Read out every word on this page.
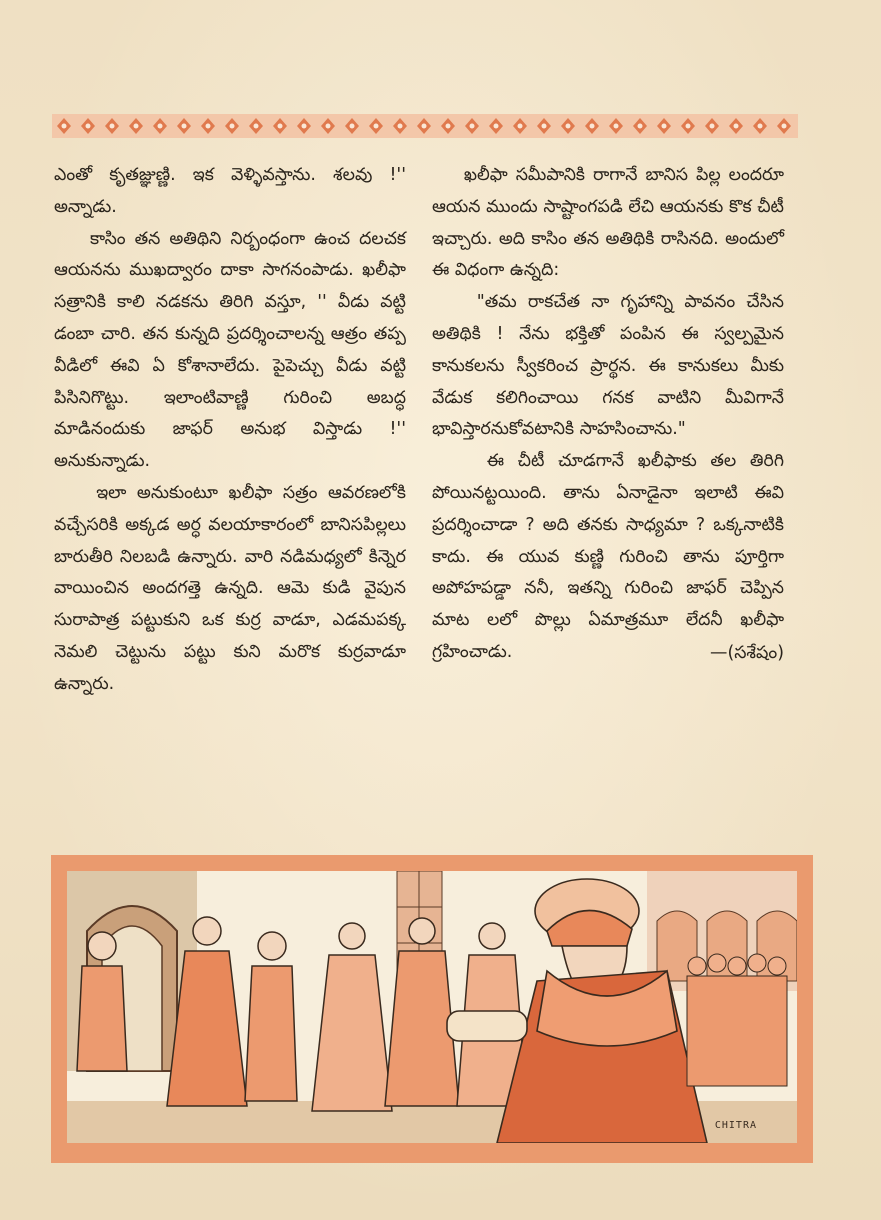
ఎంతో కృతజ్ఞుణ్ణి. ఇక వెళ్ళివస్తాను. శలవు !'' అన్నాడు.

కాసిం తన అతిథిని నిర్బంధంగా ఉంచ దలచక ఆయనను ముఖద్వారం దాకా సాగనంపాడు. ఖలీఫా సత్రానికి కాలి నడకను తిరిగి వస్తూ, '' వీడు వట్టి డంబా చారి. తన కున్నది ప్రదర్శించాలన్న ఆత్రం తప్ప వీడిలో ఈవి ఏ కోశానాలేదు. పైపెచ్చు వీడు వట్టి పిసినిగొట్టు. ఇలాంటివాణ్ణి గురించి అబద్ధ మాడినందుకు జాఫర్ అనుభ విస్తాడు !'' అనుకున్నాడు.

ఇలా అనుకుంటూ ఖలీఫా సత్రం ఆవరణలోకి వచ్చేసరికి అక్కడ అర్ధ వలయాకారంలో బానిసపిల్లలు బారుతీరి నిలబడి ఉన్నారు. వారి నడిమధ్యలో కిన్నెర వాయించిన అందగత్తె ఉన్నది. ఆమె కుడి వైపున సురాపాత్ర పట్టుకుని ఒక కుర్ర వాడూ, ఎడమపక్క నెమలి చెట్టును పట్టు కుని మరొక కుర్రవాడూ ఉన్నారు.

ఖలీఫా సమీపానికి రాగానే బానిస పిల్ల లందరూ ఆయన ముందు సాష్టాంగపడి లేచి ఆయనకు కొక చీటీ ఇచ్చారు. అది కాసిం తన అతిథికి రాసినది. అందులో ఈ విధంగా ఉన్నది:

"తమ రాకచేత నా గృహాన్ని పావనం చేసిన అతిథికి ! నేను భక్తితో పంపిన ఈ స్వల్పమైన కానుకలను స్వీకరించ ప్రార్థన. ఈ కానుకలు మీకు వేడుక కలిగించాయి గనక వాటిని మీవిగానే భావిస్తారనుకోవటానికి సాహసించాను."

ఈ చీటీ చూడగానే ఖలీఫాకు తల తిరిగి పోయినట్టయింది. తాను ఏనాడైనా ఇలాటి ఈవి ప్రదర్శించాడా ? అది తనకు సాధ్యమా ? ఒక్కనాటికి కాదు. ఈ యువ కుణ్ణి గురించి తాను పూర్తిగా అపోహపడ్డా ననీ, ఇతన్ని గురించి జాఫర్ చెప్పిన మాట లలో పొల్లు ఏమాత్రమూ లేదనీ ఖలీఫా గ్రహించాడు.	—(సశేషం)

CHITRA
